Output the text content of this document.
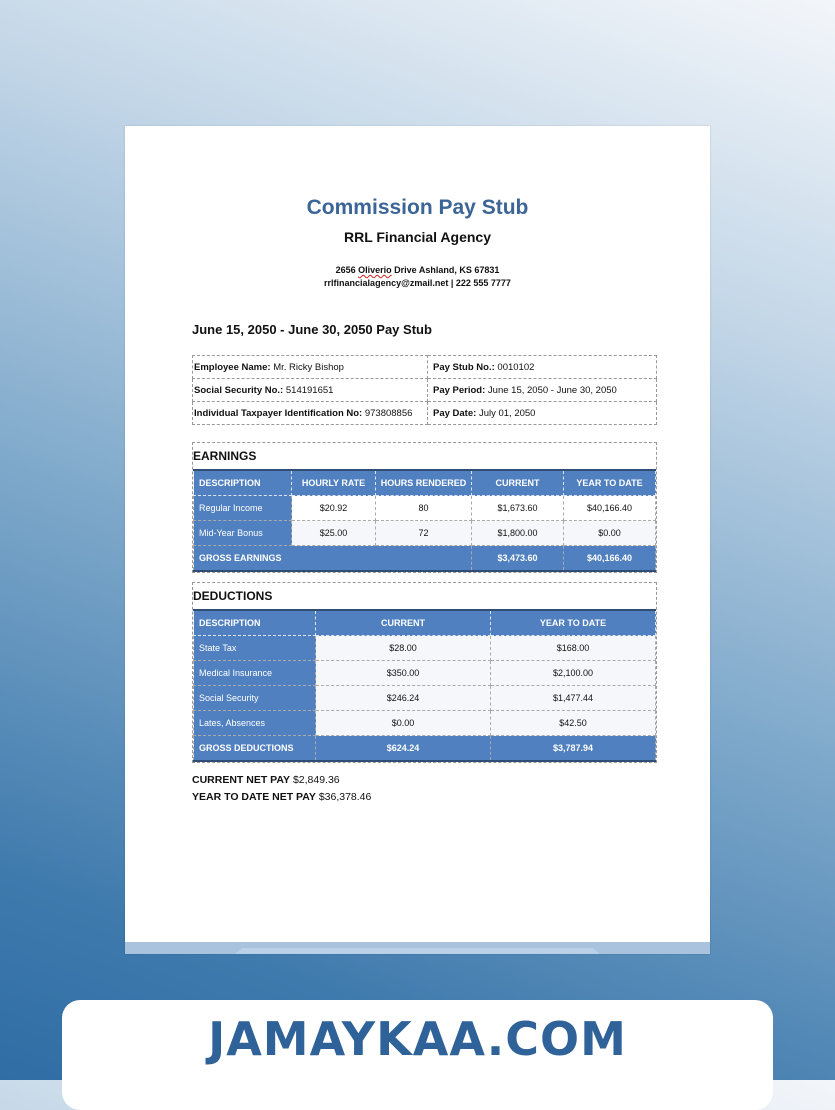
Commission Pay Stub
RRL Financial Agency
2656 Oliverio Drive Ashland, KS 67831
rrlfinancialagency@zmail.net | 222 555 7777
June 15, 2050 - June 30, 2050 Pay Stub
Employee Name: Mr. Ricky Bishop	Pay Stub No.: 0010102
Social Security No.: 514191651	Pay Period: June 15, 2050 - June 30, 2050
Individual Taxpayer Identification No: 973808856	Pay Date: July 01, 2050
EARNINGS
DESCRIPTION	HOURLY RATE	HOURS RENDERED	CURRENT	YEAR TO DATE
Regular Income	$20.92	80	$1,673.60	$40,166.40
Mid-Year Bonus	$25.00	72	$1,800.00	$0.00
GROSS EARNINGS			$3,473.60	$40,166.40
DEDUCTIONS
DESCRIPTION	CURRENT	YEAR TO DATE
State Tax	$28.00	$168.00
Medical Insurance	$350.00	$2,100.00
Social Security	$246.24	$1,477.44
Lates, Absences	$0.00	$42.50
GROSS DEDUCTIONS	$624.24	$3,787.94
CURRENT NET PAY $2,849.36
YEAR TO DATE NET PAY $36,378.46
JAMAYKAA.COM
